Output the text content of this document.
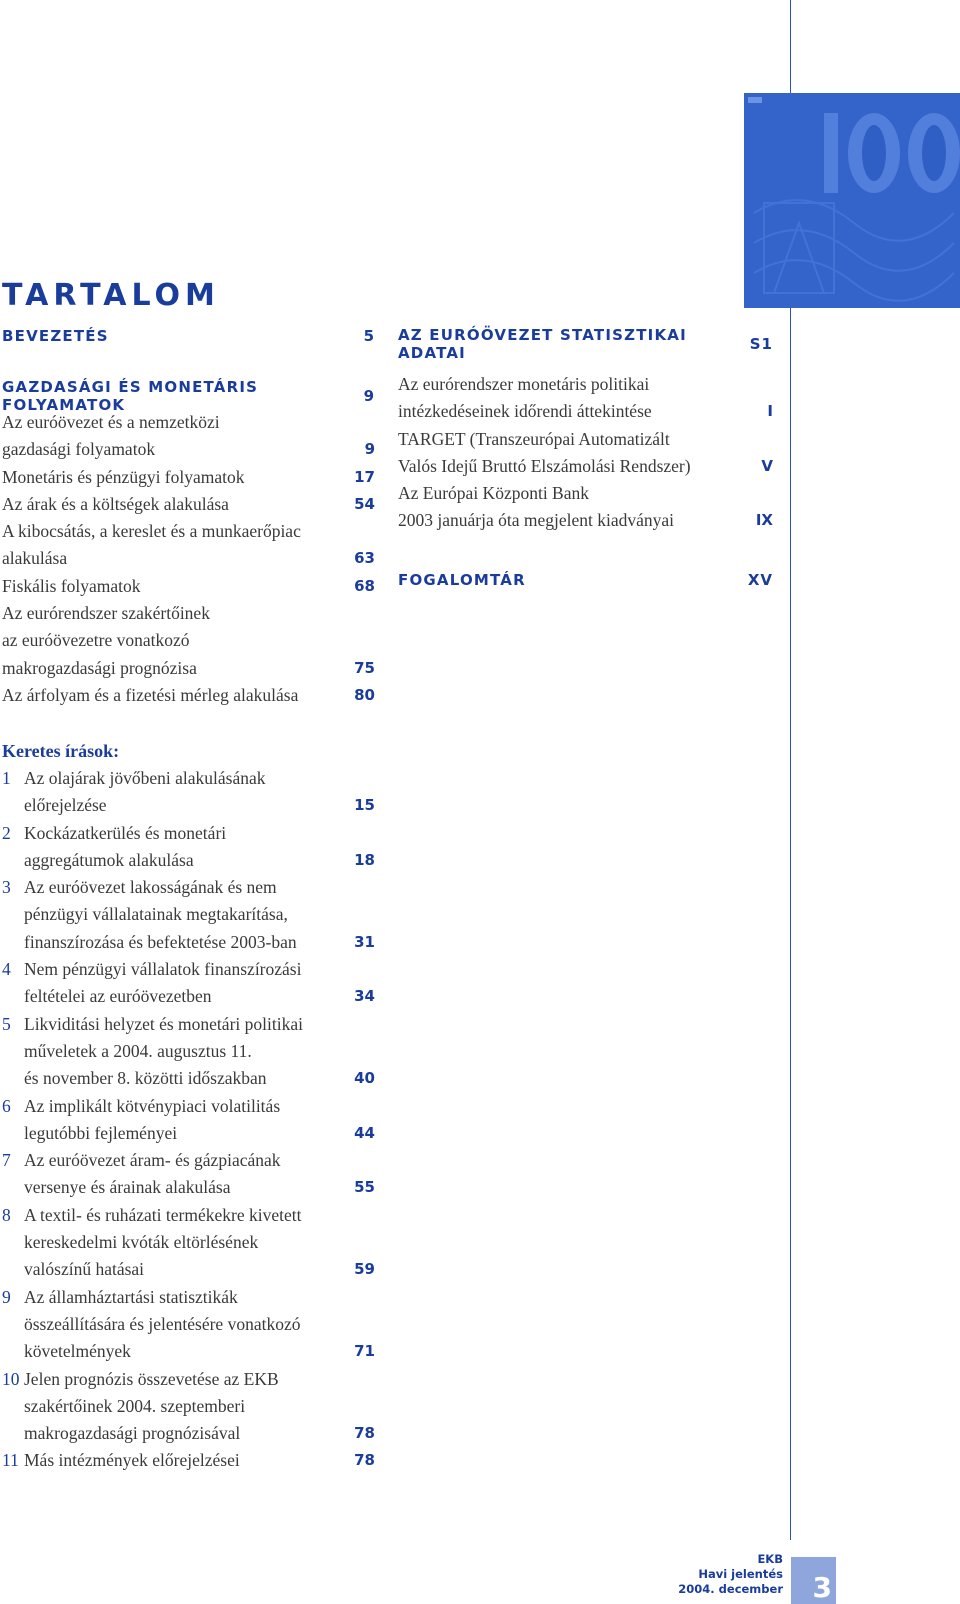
TARTALOM
BEVEZETÉS	5
GAZDASÁGI ÉS MONETÁRIS FOLYAMATOK	9
Az euróövezet és a nemzetközi
gazdasági folyamatok	9
Monetáris és pénzügyi folyamatok	17
Az árak és a költségek alakulása	54
A kibocsátás, a kereslet és a munkaerőpiac
alakulása	63
Fiskális folyamatok	68
Az eurórendszer szakértőinek
az euróövezetre vonatkozó
makrogazdasági prognózisa	75
Az árfolyam és a fizetési mérleg alakulása	80
Keretes írások:
1 Az olajárak jövőbeni alakulásának
előrejelzése	15
2 Kockázatkerülés és monetári
aggregátumok alakulása	18
3 Az euróövezet lakosságának és nem
pénzügyi vállalatainak megtakarítása,
finanszírozása és befektetése 2003-ban	31
4 Nem pénzügyi vállalatok finanszírozási
feltételei az euróövezetben	34
5 Likviditási helyzet és monetári politikai
műveletek a 2004. augusztus 11.
és november 8. közötti időszakban	40
6 Az implikált kötvénypiaci volatilitás
legutóbbi fejleményei	44
7 Az euróövezet áram- és gázpiacának
versenye és árainak alakulása	55
8 A textil- és ruházati termékekre kivetett
kereskedelmi kvóták eltörlésének
valószínű hatásai	59
9 Az államháztartási statisztikák
összeállítására és jelentésére vonatkozó
követelmények	71
10 Jelen prognózis összevetése az EKB
szakértőinek 2004. szeptemberi
makrogazdasági prognózisával	78
11 Más intézmények előrejelzései	78
AZ EURÓÖVEZET STATISZTIKAI ADATAI	S1
Az eurórendszer monetáris politikai
intézkedéseinek időrendi áttekintése	I
TARGET (Transzeurópai Automatizált
Valós Idejű Bruttó Elszámolási Rendszer)	V
Az Európai Központi Bank
2003 januárja óta megjelent kiadványai	IX
FOGALOMTÁR	XV
EKB
Havi jelentés
2004. december 3
